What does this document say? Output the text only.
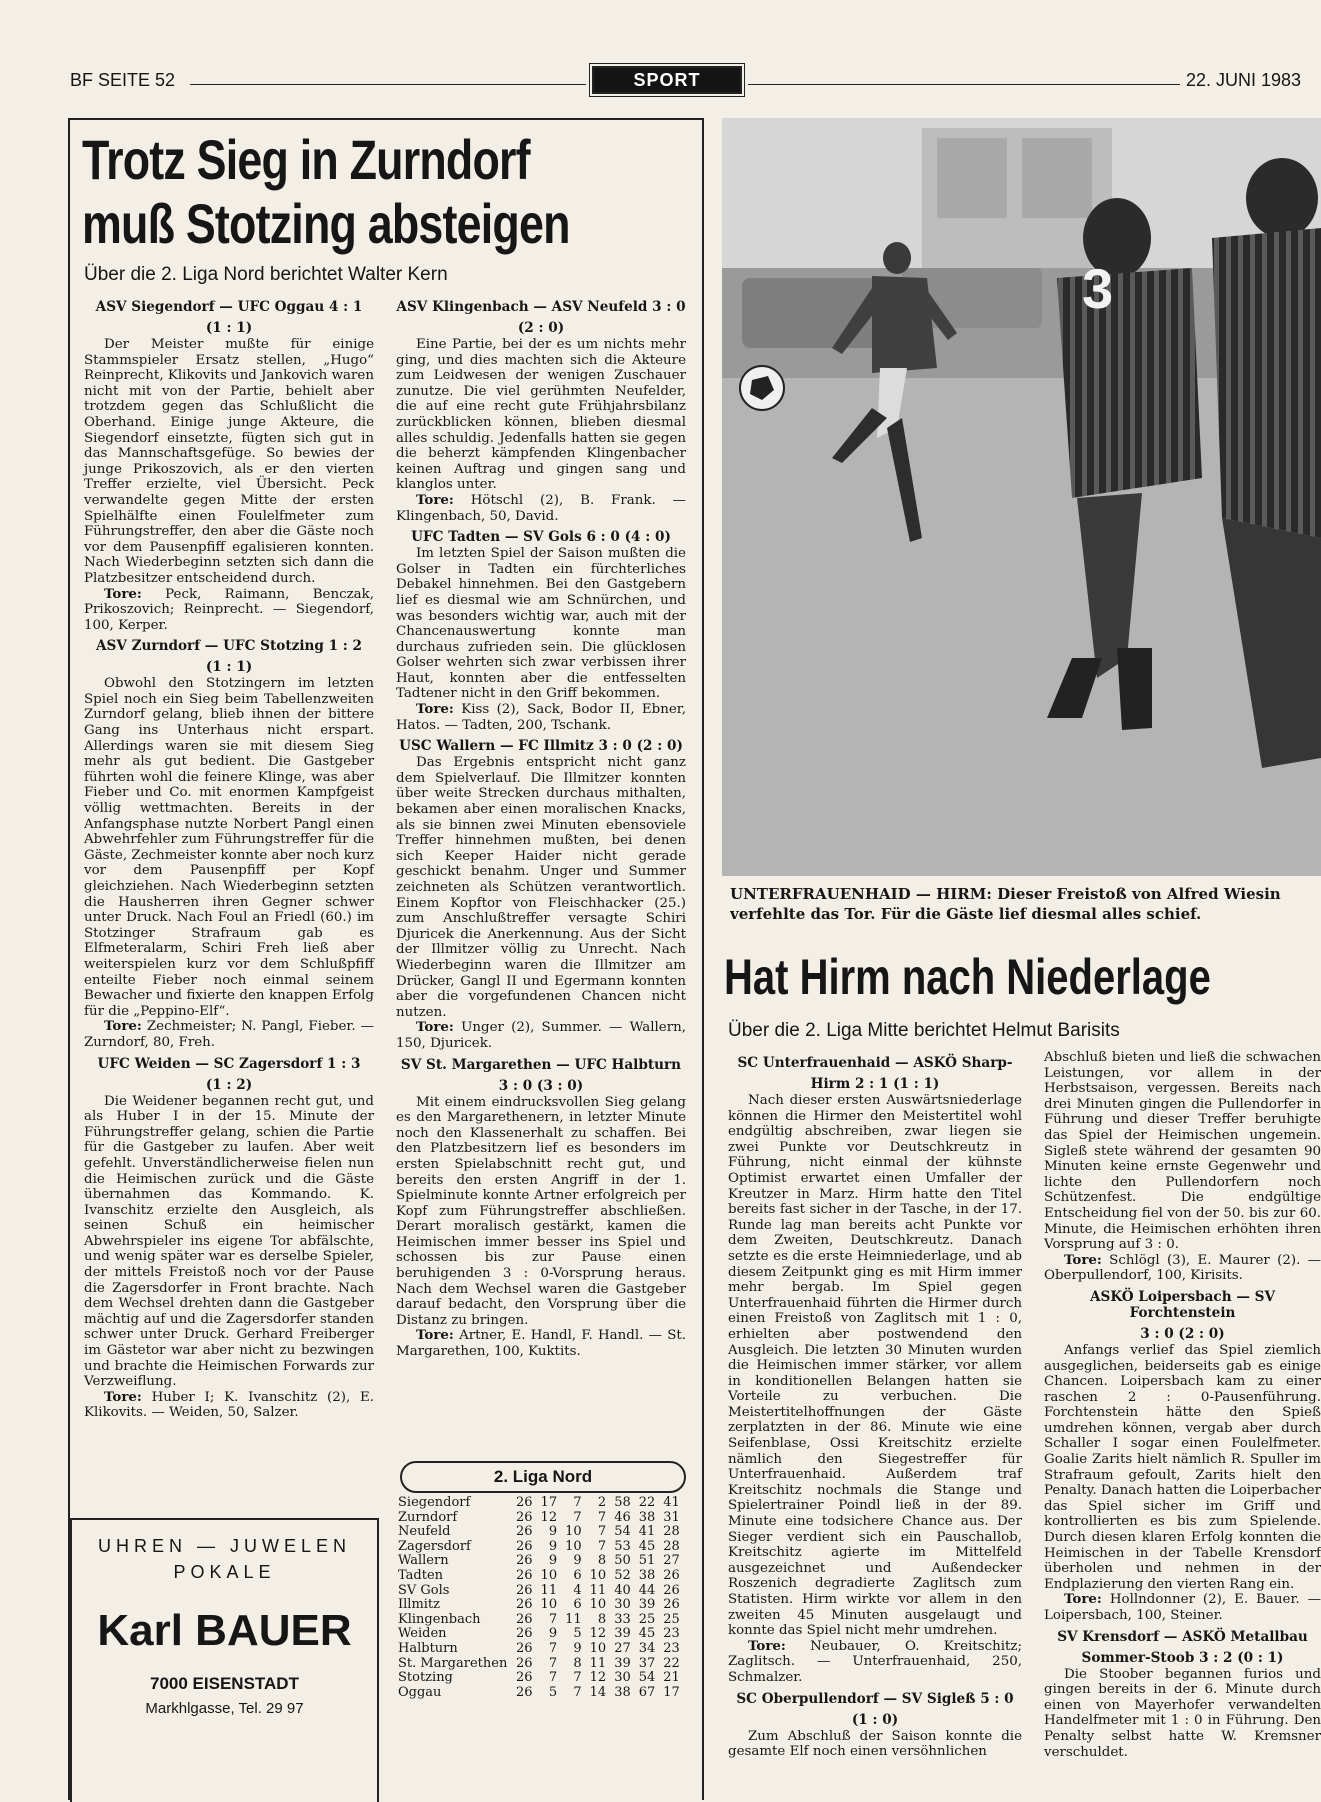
BF SEITE 52	SPORT	22. JUNI 1983
Trotz Sieg in Zurndorf
muß Stotzing absteigen
Über die 2. Liga Nord berichtet Walter Kern
ASV Siegendorf — UFC Oggau 4 : 1
(1 : 1)

Der Meister mußte für einige Stammspieler Ersatz stellen, „Hugo“ Reinprecht, Klikovits und Jankovich waren nicht mit von der Partie, behielt aber trotzdem gegen das Schlußlicht die Oberhand. Einige junge Akteure, die Siegendorf einsetzte, fügten sich gut in das Mannschaftsgefüge. So bewies der junge Prikoszovich, als er den vierten Treffer erzielte, viel Übersicht. Peck verwandelte gegen Mitte der ersten Spielhälfte einen Foulelfmeter zum Führungstreffer, den aber die Gäste noch vor dem Pausenpfiff egalisieren konnten. Nach Wiederbeginn setzten sich dann die Platzbesitzer entscheidend durch.

Tore: Peck, Raimann, Benczak, Prikoszovich; Reinprecht. — Siegendorf, 100, Kerper.

ASV Zurndorf — UFC Stotzing 1 : 2
(1 : 1)

Obwohl den Stotzingern im letzten Spiel noch ein Sieg beim Tabellenzweiten Zurndorf gelang, blieb ihnen der bittere Gang ins Unterhaus nicht erspart. Allerdings waren sie mit diesem Sieg mehr als gut bedient. Die Gastgeber führten wohl die feinere Klinge, was aber Fieber und Co. mit enormen Kampfgeist völlig wettmachten. Bereits in der Anfangsphase nutzte Norbert Pangl einen Abwehrfehler zum Führungstreffer für die Gäste, Zechmeister konnte aber noch kurz vor dem Pausenpfiff per Kopf gleichziehen. Nach Wiederbeginn setzten die Hausherren ihren Gegner schwer unter Druck. Nach Foul an Friedl (60.) im Stotzinger Strafraum gab es Elfmeteralarm, Schiri Freh ließ aber weiterspielen kurz vor dem Schlußpfiff enteilte Fieber noch einmal seinem Bewacher und fixierte den knappen Erfolg für die „Peppino-Elf“.

Tore: Zechmeister; N. Pangl, Fieber. — Zurndorf, 80, Freh.

UFC Weiden — SC Zagersdorf 1 : 3
(1 : 2)

Die Weidener begannen recht gut, und als Huber I in der 15. Minute der Führungstreffer gelang, schien die Partie für die Gastgeber zu laufen. Aber weit gefehlt. Unverständlicherweise fielen nun die Heimischen zurück und die Gäste übernahmen das Kommando. K. Ivanschitz erzielte den Ausgleich, als seinen Schuß ein heimischer Abwehrspieler ins eigene Tor abfälschte, und wenig später war es derselbe Spieler, der mittels Freistoß noch vor der Pause die Zagersdorfer in Front brachte. Nach dem Wechsel drehten dann die Gastgeber mächtig auf und die Zagersdorfer standen schwer unter Druck. Gerhard Freiberger im Gästetor war aber nicht zu bezwingen und brachte die Heimischen Forwards zur Verzweiflung.

Tore: Huber I; K. Ivanschitz (2), E. Klikovits. — Weiden, 50, Salzer.

ASV Klingenbach — ASV Neufeld 3 : 0
(2 : 0)

Eine Partie, bei der es um nichts mehr ging, und dies machten sich die Akteure zum Leidwesen der wenigen Zuschauer zunutze. Die viel gerühmten Neufelder, die auf eine recht gute Frühjahrsbilanz zurückblicken können, blieben diesmal alles schuldig. Jedenfalls hatten sie gegen die beherzt kämpfenden Klingenbacher keinen Auftrag und gingen sang und klanglos unter.

Tore: Hötschl (2), B. Frank. — Klingenbach, 50, David.

UFC Tadten — SV Gols 6 : 0 (4 : 0)

Im letzten Spiel der Saison mußten die Golser in Tadten ein fürchterliches Debakel hinnehmen. Bei den Gastgebern lief es diesmal wie am Schnürchen, und was besonders wichtig war, auch mit der Chancenauswertung konnte man durchaus zufrieden sein. Die glücklosen Golser wehrten sich zwar verbissen ihrer Haut, konnten aber die entfesselten Tadtener nicht in den Griff bekommen.

Tore: Kiss (2), Sack, Bodor II, Ebner, Hatos. — Tadten, 200, Tschank.

USC Wallern — FC Illmitz 3 : 0 (2 : 0)

Das Ergebnis entspricht nicht ganz dem Spielverlauf. Die Illmitzer konnten über weite Strecken durchaus mithalten, bekamen aber einen moralischen Knacks, als sie binnen zwei Minuten ebensoviele Treffer hinnehmen mußten, bei denen sich Keeper Haider nicht gerade geschickt benahm. Unger und Summer zeichneten als Schützen verantwortlich. Einem Kopftor von Fleischhacker (25.) zum Anschlußtreffer versagte Schiri Djuricek die Anerkennung. Aus der Sicht der Illmitzer völlig zu Unrecht. Nach Wiederbeginn waren die Illmitzer am Drücker, Gangl II und Egermann konnten aber die vorgefundenen Chancen nicht nutzen.

Tore: Unger (2), Summer. — Wallern, 150, Djuricek.

SV St. Margarethen — UFC Halbturn
3 : 0 (3 : 0)

Mit einem eindrucksvollen Sieg gelang es den Margarethenern, in letzter Minute noch den Klassenerhalt zu schaffen. Bei den Platzbesitzern lief es besonders im ersten Spielabschnitt recht gut, und bereits den ersten Angriff in der 1. Spielminute konnte Artner erfolgreich per Kopf zum Führungstreffer abschließen. Derart moralisch gestärkt, kamen die Heimischen immer besser ins Spiel und schossen bis zur Pause einen beruhigenden 3 : 0-Vorsprung heraus. Nach dem Wechsel waren die Gastgeber darauf bedacht, den Vorsprung über die Distanz zu bringen.

Tore: Artner, E. Handl, F. Handl. — St. Margarethen, 100, Kuktits.

2. Liga Nord
Siegendorf	26	17	7	2	58	22	41
Zurndorf	26	12	7	7	46	38	31
Neufeld	26	9	10	7	54	41	28
Zagersdorf	26	9	10	7	53	45	28
Wallern	26	9	9	8	50	51	27
Tadten	26	10	6	10	52	38	26
SV Gols	26	11	4	11	40	44	26
Illmitz	26	10	6	10	30	39	26
Klingenbach	26	7	11	8	33	25	25
Weiden	26	9	5	12	39	45	23
Halbturn	26	7	9	10	27	34	23
St. Margarethen	26	7	8	11	39	37	22
Stotzing	26	7	7	12	30	54	21
Oggau	26	5	7	14	38	67	17
UHREN — JUWELEN
POKALE
Karl BAUER
7000 EISENSTADT
Markhlgasse, Tel. 29 97
3
UNTERFRAUENHAID — HIRM: Dieser Freistoß von Alfred Wiesin
verfehlte das Tor. Für die Gäste lief diesmal alles schief.
Hat Hirm nach Niederlage
Über die 2. Liga Mitte berichtet Helmut Barisits
SC Unterfrauenhaid — ASKÖ Sharp-
Hirm 2 : 1 (1 : 1)

Nach dieser ersten Auswärtsniederlage können die Hirmer den Meistertitel wohl endgültig abschreiben, zwar liegen sie zwei Punkte vor Deutschkreutz in Führung, nicht einmal der kühnste Optimist erwartet einen Umfaller der Kreutzer in Marz. Hirm hatte den Titel bereits fast sicher in der Tasche, in der 17. Runde lag man bereits acht Punkte vor dem Zweiten, Deutschkreutz. Danach setzte es die erste Heimniederlage, und ab diesem Zeitpunkt ging es mit Hirm immer mehr bergab. Im Spiel gegen Unterfrauenhaid führten die Hirmer durch einen Freistoß von Zaglitsch mit 1 : 0, erhielten aber postwendend den Ausgleich. Die letzten 30 Minuten wurden die Heimischen immer stärker, vor allem in konditionellen Belangen hatten sie Vorteile zu verbuchen. Die Meistertitelhoffnungen der Gäste zerplatzten in der 86. Minute wie eine Seifenblase, Ossi Kreitschitz erzielte nämlich den Siegestreffer für Unterfrauenhaid. Außerdem traf Kreitschitz nochmals die Stange und Spielertrainer Poindl ließ in der 89. Minute eine todsichere Chance aus. Der Sieger verdient sich ein Pauschallob, Kreitschitz agierte im Mittelfeld ausgezeichnet und Außendecker Roszenich degradierte Zaglitsch zum Statisten. Hirm wirkte vor allem in den zweiten 45 Minuten ausgelaugt und konnte das Spiel nicht mehr umdrehen.

Tore: Neubauer, O. Kreitschitz; Zaglitsch. — Unterfrauenhaid, 250, Schmalzer.

SC Oberpullendorf — SV Sigleß 5 : 0
(1 : 0)

Zum Abschluß der Saison konnte die gesamte Elf noch einen versöhnlichen

Abschluß bieten und ließ die schwachen Leistungen, vor allem in der Herbstsaison, vergessen. Bereits nach drei Minuten gingen die Pullendorfer in Führung und dieser Treffer beruhigte das Spiel der Heimischen ungemein. Sigleß stete während der gesamten 90 Minuten keine ernste Gegenwehr und lichte den Pullendorfern noch Schützenfest. Die endgültige Entscheidung fiel von der 50. bis zur 60. Minute, die Heimischen erhöhten ihren Vorsprung auf 3 : 0.

Tore: Schlögl (3), E. Maurer (2). — Oberpullendorf, 100, Kirisits.

ASKÖ Loipersbach — SV Forchtenstein
3 : 0 (2 : 0)

Anfangs verlief das Spiel ziemlich ausgeglichen, beiderseits gab es einige Chancen. Loipersbach kam zu einer raschen 2 : 0-Pausenführung. Forchtenstein hätte den Spieß umdrehen können, vergab aber durch Schaller I sogar einen Foulelfmeter. Goalie Zarits hielt nämlich R. Spuller im Strafraum gefoult, Zarits hielt den Penalty. Danach hatten die Loiperbacher das Spiel sicher im Griff und kontrollierten es bis zum Spielende. Durch diesen klaren Erfolg konnten die Heimischen in der Tabelle Krensdorf überholen und nehmen in der Endplazierung den vierten Rang ein.

Tore: Hollndonner (2), E. Bauer. — Loipersbach, 100, Steiner.

SV Krensdorf — ASKÖ Metallbau
Sommer-Stoob 3 : 2 (0 : 1)

Die Stoober begannen furios und gingen bereits in der 6. Minute durch einen von Mayerhofer verwandelten Handelfmeter mit 1 : 0 in Führung. Den Penalty selbst hatte W. Kremsner verschuldet.
